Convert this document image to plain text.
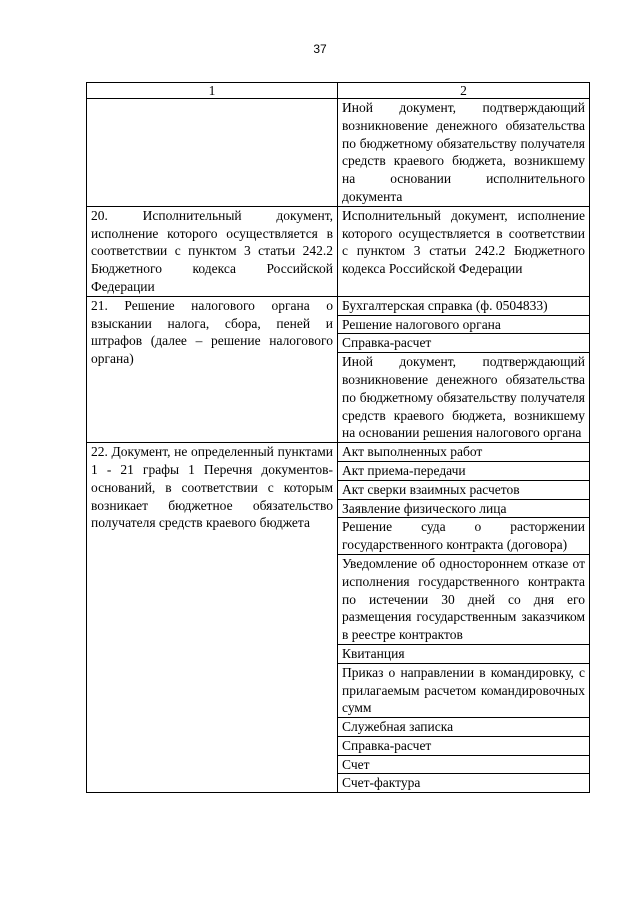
37
1	2
	Иной документ, подтверждающий возникновение денежного обязательства по бюджетному обязательству получателя средств краевого бюджета, возникшему на основании исполнительного документа
20. Исполнительный документ, исполнение которого осуществляется в соответствии с пунктом 3 статьи 242.2 Бюджетного кодекса Российской Федерации	Исполнительный документ, исполнение которого осуществляется в соответствии с пунктом 3 статьи 242.2 Бюджетного кодекса Российской Федерации
21. Решение налогового органа о взыскании налога, сбора, пеней и штрафов (далее – решение налогового органа)	Бухгалтерская справка (ф. 0504833)
	Решение налогового органа
	Справка-расчет
	Иной документ, подтверждающий возникновение денежного обязательства по бюджетному обязательству получателя средств краевого бюджета, возникшему на основании решения налогового органа
22. Документ, не определенный пунктами 1 - 21 графы 1 Перечня документов-оснований, в соответствии с которым возникает бюджетное обязательство получателя средств краевого бюджета	Акт выполненных работ
	Акт приема-передачи
	Акт сверки взаимных расчетов
	Заявление физического лица
	Решение суда о расторжении государственного контракта (договора)
	Уведомление об одностороннем отказе от исполнения государственного контракта по истечении 30 дней со дня его размещения государственным заказчиком в реестре контрактов
	Квитанция
	Приказ о направлении в командировку, с прилагаемым расчетом командировочных сумм
	Служебная записка
	Справка-расчет
	Счет
	Счет-фактура
